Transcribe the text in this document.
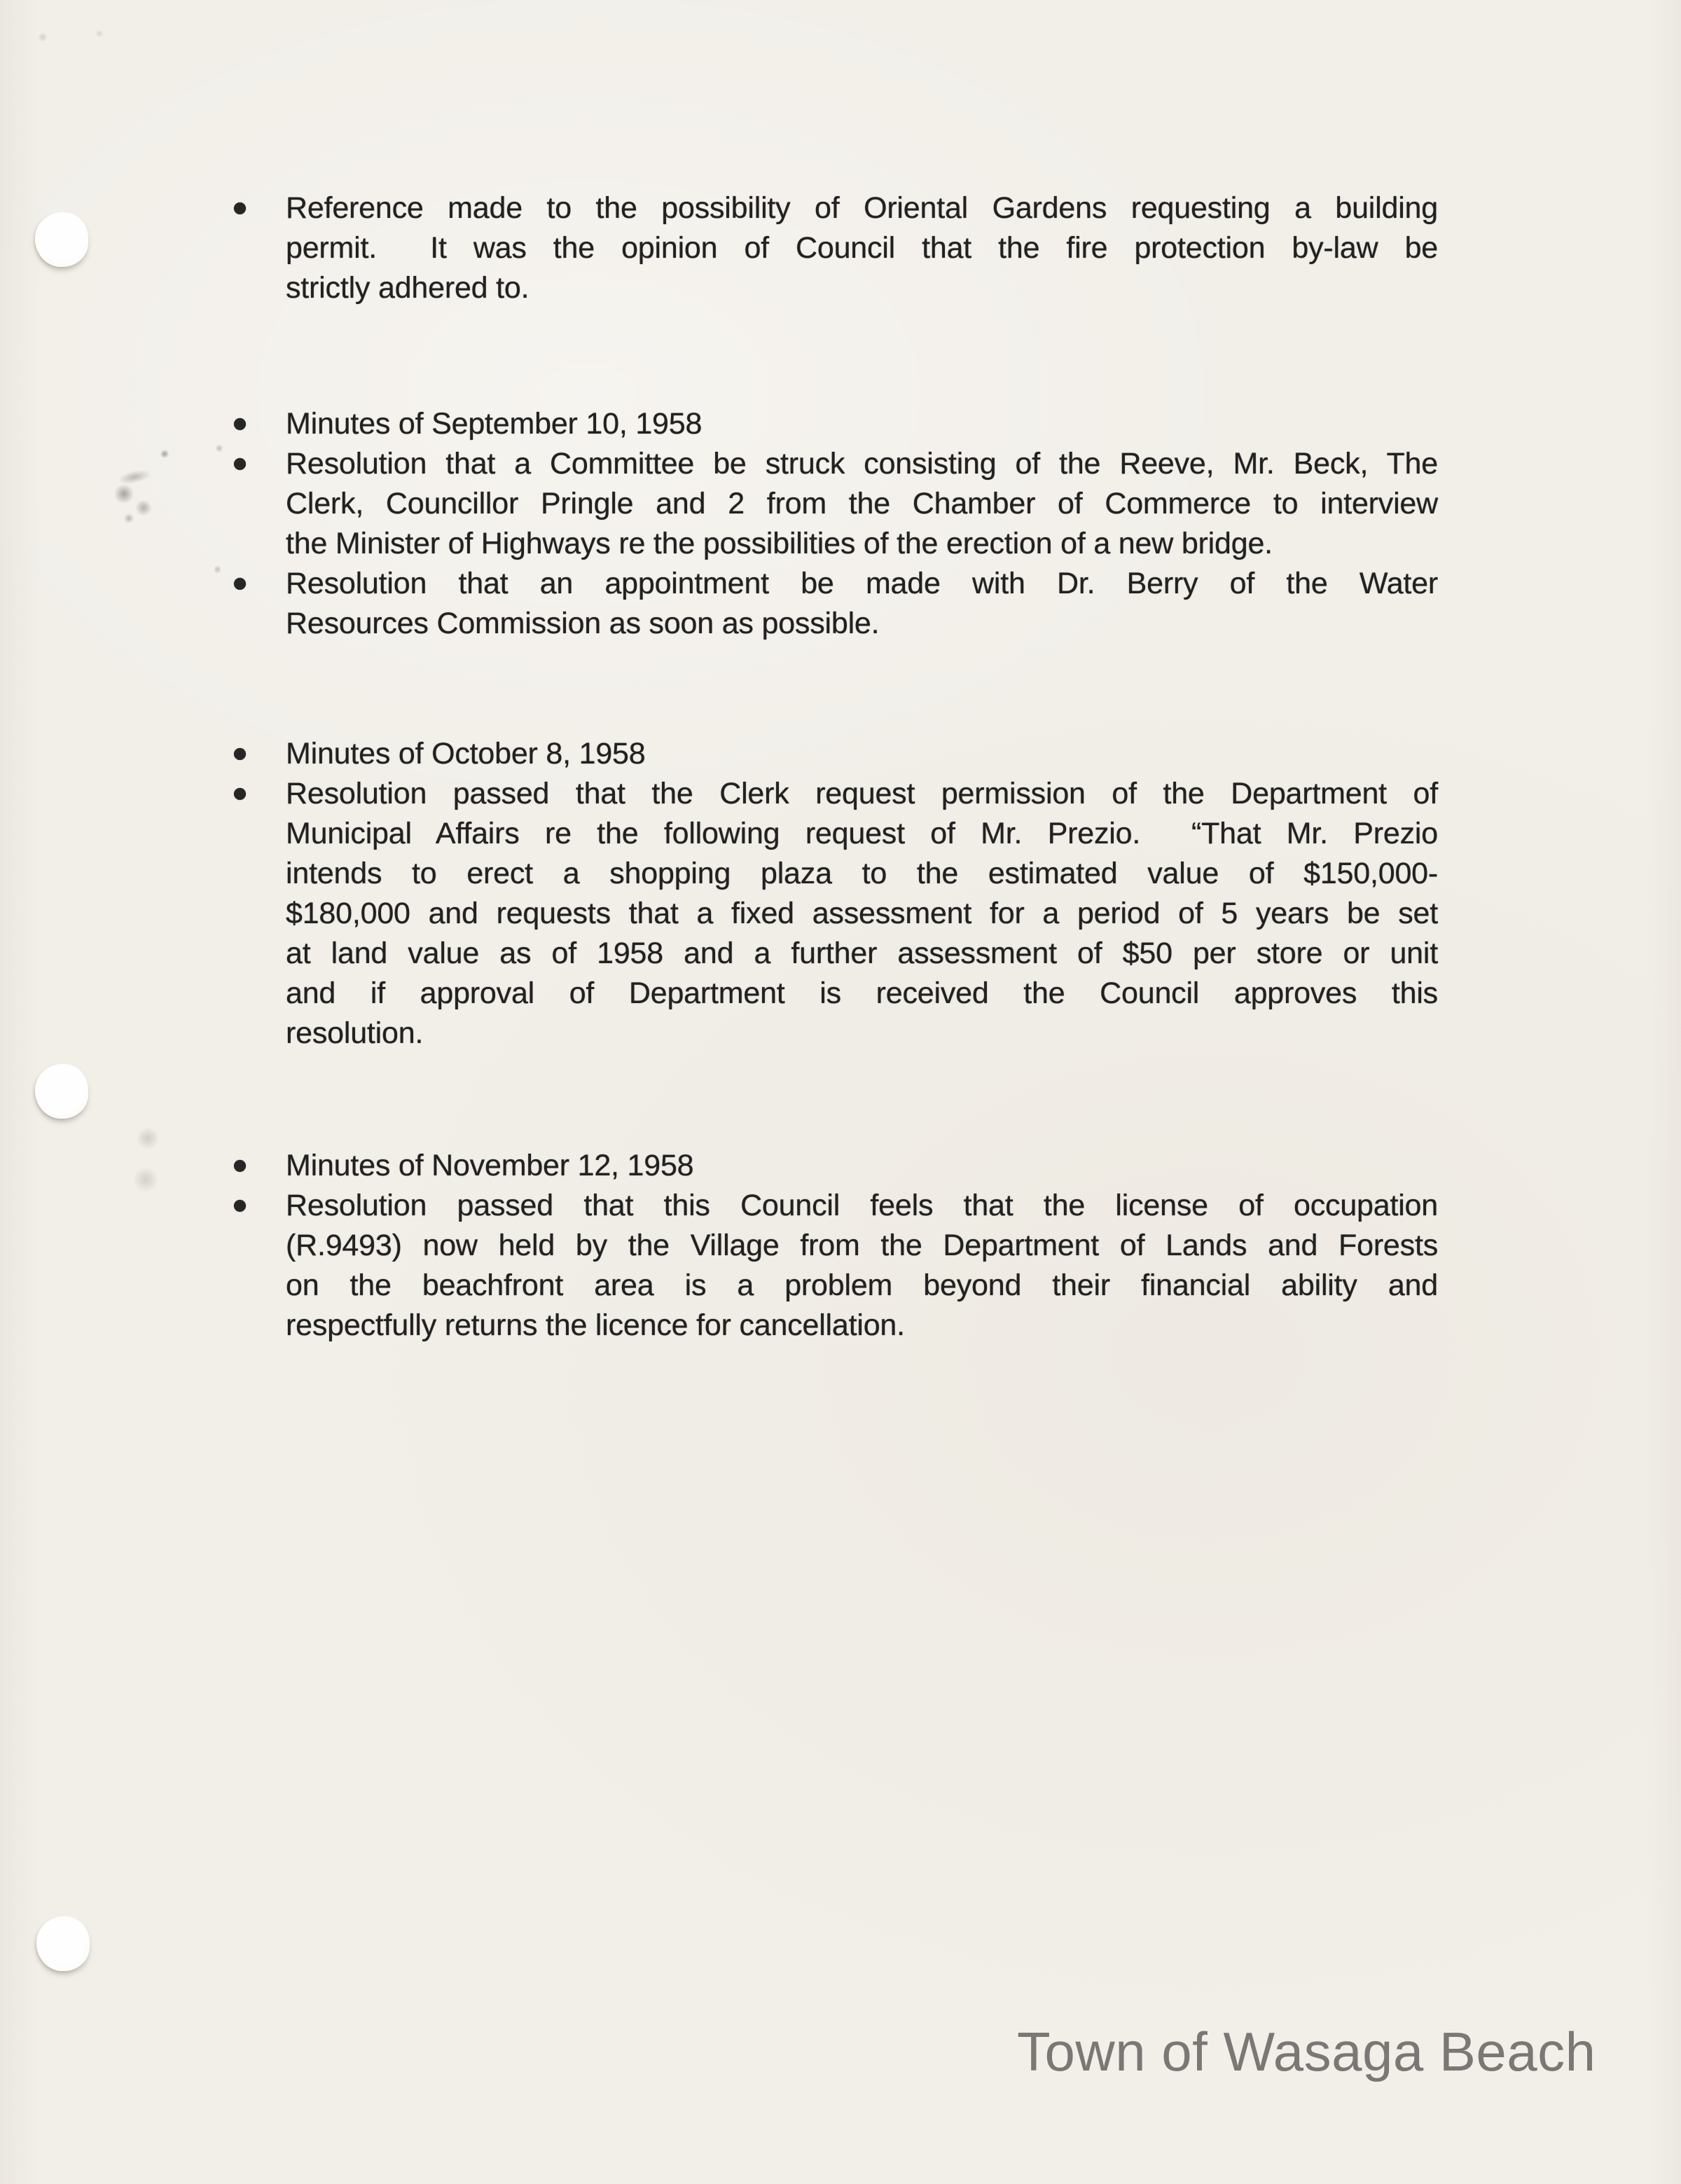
Reference made to the possibility of Oriental Gardens requesting a building
permit.  It was the opinion of Council that the fire protection by-law be
strictly adhered to.
Minutes of September 10, 1958
Resolution that a Committee be struck consisting of the Reeve, Mr. Beck, The
Clerk, Councillor Pringle and 2 from the Chamber of Commerce to interview
the Minister of Highways re the possibilities of the erection of a new bridge.
Resolution that an appointment be made with Dr. Berry of the Water
Resources Commission as soon as possible.
Minutes of October 8, 1958
Resolution passed that the Clerk request permission of the Department of
Municipal Affairs re the following request of Mr. Prezio.  “That Mr. Prezio
intends to erect a shopping plaza to the estimated value of $150,000-
$180,000 and requests that a fixed assessment for a period of 5 years be set
at land value as of 1958 and a further assessment of $50 per store or unit
and if approval of Department is received the Council approves this
resolution.
Minutes of November 12, 1958
Resolution passed that this Council feels that the license of occupation
(R.9493) now held by the Village from the Department of Lands and Forests
on the beachfront area is a problem beyond their financial ability and
respectfully returns the licence for cancellation.
Town of Wasaga Beach
